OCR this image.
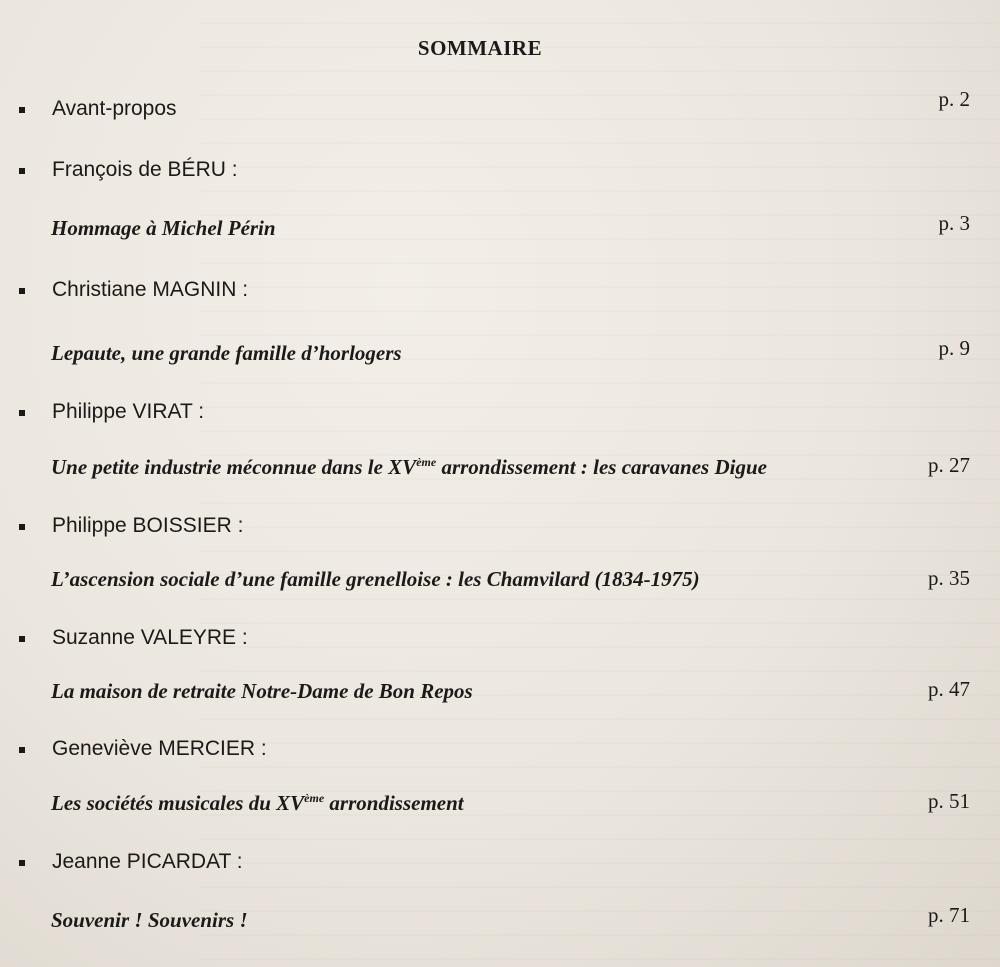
SOMMAIRE
Avant-propos	p. 2
François de BÉRU :
Hommage à Michel Périn	p. 3
Christiane MAGNIN :
Lepaute, une grande famille d’horlogers	p. 9
Philippe VIRAT :
Une petite industrie méconnue dans le XVème arrondissement : les caravanes Digue	p. 27
Philippe BOISSIER :
L’ascension sociale d’une famille grenelloise : les Chamvilard (1834-1975)	p. 35
Suzanne VALEYRE :
La maison de retraite Notre-Dame de Bon Repos	p. 47
Geneviève MERCIER :
Les sociétés musicales du XVème arrondissement	p. 51
Jeanne PICARDAT :
Souvenir ! Souvenirs !	p. 71
